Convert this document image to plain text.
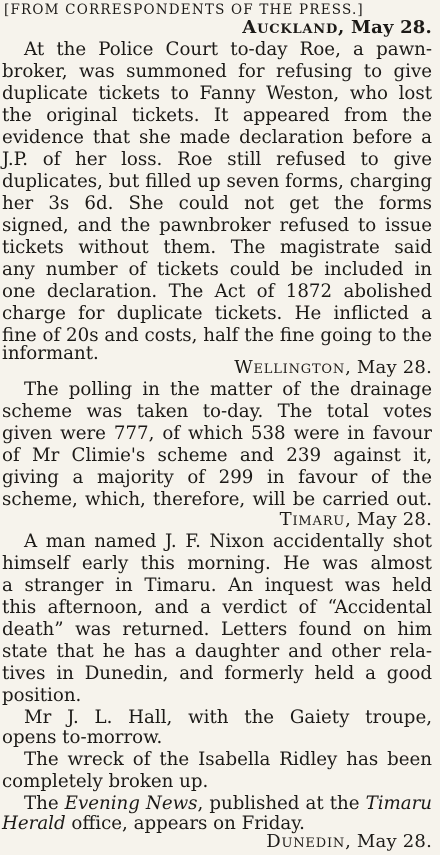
[FROM CORRESPONDENTS OF THE PRESS.]
Auckland, May 28.
At the Police Court to-day Roe, a pawn-
broker, was summoned for refusing to give
duplicate tickets to Fanny Weston, who lost
the original tickets. It appeared from the
evidence that she made declaration before a
J.P. of her loss. Roe still refused to give
duplicates, but filled up seven forms, charging
her 3s 6d. She could not get the forms
signed, and the pawnbroker refused to issue
tickets without them. The magistrate said
any number of tickets could be included in
one declaration. The Act of 1872 abolished
charge for duplicate tickets. He inflicted a
fine of 20s and costs, half the fine going to the
informant.
Wellington, May 28.
The polling in the matter of the drainage
scheme was taken to-day. The total votes
given were 777, of which 538 were in favour
of Mr Climie's scheme and 239 against it,
giving a majority of 299 in favour of the
scheme, which, therefore, will be carried out.
Timaru, May 28.
A man named J. F. Nixon accidentally shot
himself early this morning. He was almost
a stranger in Timaru. An inquest was held
this afternoon, and a verdict of “Accidental
death” was returned. Letters found on him
state that he has a daughter and other rela-
tives in Dunedin, and formerly held a good
position.
Mr J. L. Hall, with the Gaiety troupe,
opens to-morrow.
The wreck of the Isabella Ridley has been
completely broken up.
The Evening News, published at the Timaru
Herald office, appears on Friday.
Dunedin, May 28.
